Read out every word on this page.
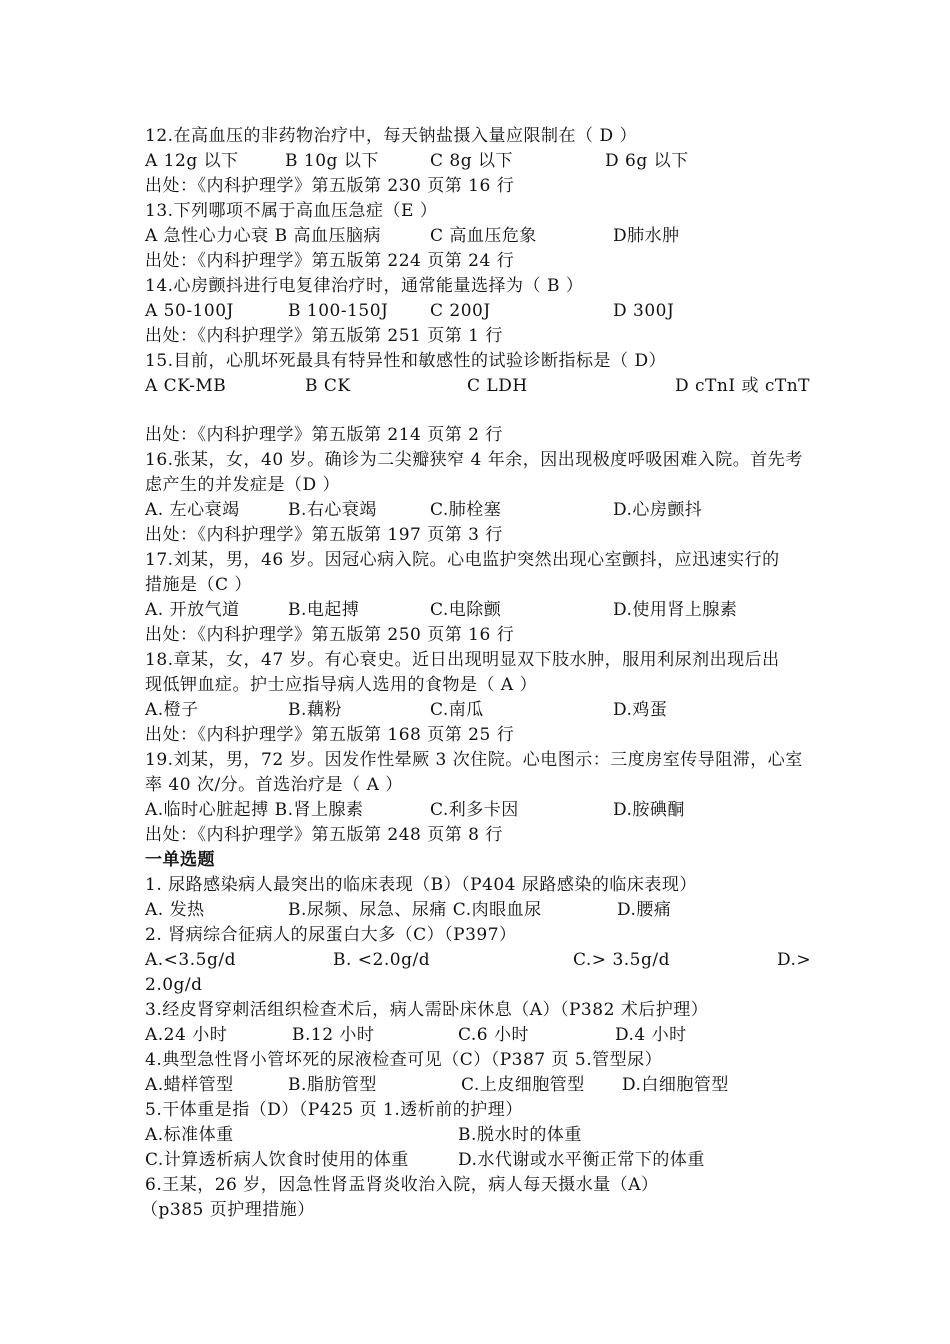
12.在高血压的非药物治疗中，每天钠盐摄入量应限制在（ D ）
A 12g 以下	B 10g 以下	C 8g 以下	D 6g 以下
出处：《内科护理学》第五版第 230 页第 16 行
13.下列哪项不属于高血压急症（E ）
A 急性心力心衰 B 高血压脑病	C 高血压危象	D肺水肿
出处：《内科护理学》第五版第 224 页第 24 行
14.心房颤抖进行电复律治疗时，通常能量选择为（ B ）
A 50-100J	B 100-150J C 200J	D 300J
出处：《内科护理学》第五版第 251 页第 1 行
15.目前，心肌坏死最具有特异性和敏感性的试验诊断指标是（ D）
A CK-MB	B CK	C LDH	D cTnI 或 cTnT
出处：《内科护理学》第五版第 214 页第 2 行
16.张某，女，40 岁。确诊为二尖瓣狭窄 4 年余，因出现极度呼吸困难入院。首先考
虑产生的并发症是（D ）
A. 左心衰竭	B.右心衰竭	C.肺栓塞	D.心房颤抖
出处：《内科护理学》第五版第 197 页第 3 行
17.刘某，男，46 岁。因冠心病入院。心电监护突然出现心室颤抖，应迅速实行的
措施是（C ）
A. 开放气道	B.电起搏	C.电除颤	D.使用肾上腺素
出处：《内科护理学》第五版第 250 页第 16 行
18.章某，女，47 岁。有心衰史。近日出现明显双下肢水肿，服用利尿剂出现后出
现低钾血症。护士应指导病人选用的食物是（ A ）
A.橙子	B.藕粉	C.南瓜	D.鸡蛋
出处：《内科护理学》第五版第 168 页第 25 行
19.刘某，男，72 岁。因发作性晕厥 3 次住院。心电图示：三度房室传导阻滞，心室
率 40 次/分。首选治疗是（ A ）
A.临时心脏起搏 B.肾上腺素	C.利多卡因	D.胺碘酮
出处：《内科护理学》第五版第 248 页第 8 行
一单选题
1. 尿路感染病人最突出的临床表现（B）（P404 尿路感染的临床表现）
A. 发热	B.尿频、尿急、尿痛 C.肉眼血尿	D.腰痛
2. 肾病综合征病人的尿蛋白大多（C）（P397）
A.<3.5g/d	B. <2.0g/d	C.> 3.5g/d	D.>
2.0g/d
3.经皮肾穿刺活组织检查术后，病人需卧床休息（A）（P382 术后护理）
A.24 小时	B.12 小时	C.6 小时	D.4 小时
4.典型急性肾小管坏死的尿液检查可见（C）（P387 页 5.管型尿）
A.蜡样管型	B.脂肪管型	C.上皮细胞管型 D.白细胞管型
5.干体重是指（D）（P425 页 1.透析前的护理）
A.标准体重	B.脱水时的体重
C.计算透析病人饮食时使用的体重	D.水代谢或水平衡正常下的体重
6.王某，26 岁，因急性肾盂肾炎收治入院，病人每天摄水量（A）
（p385 页护理措施）
